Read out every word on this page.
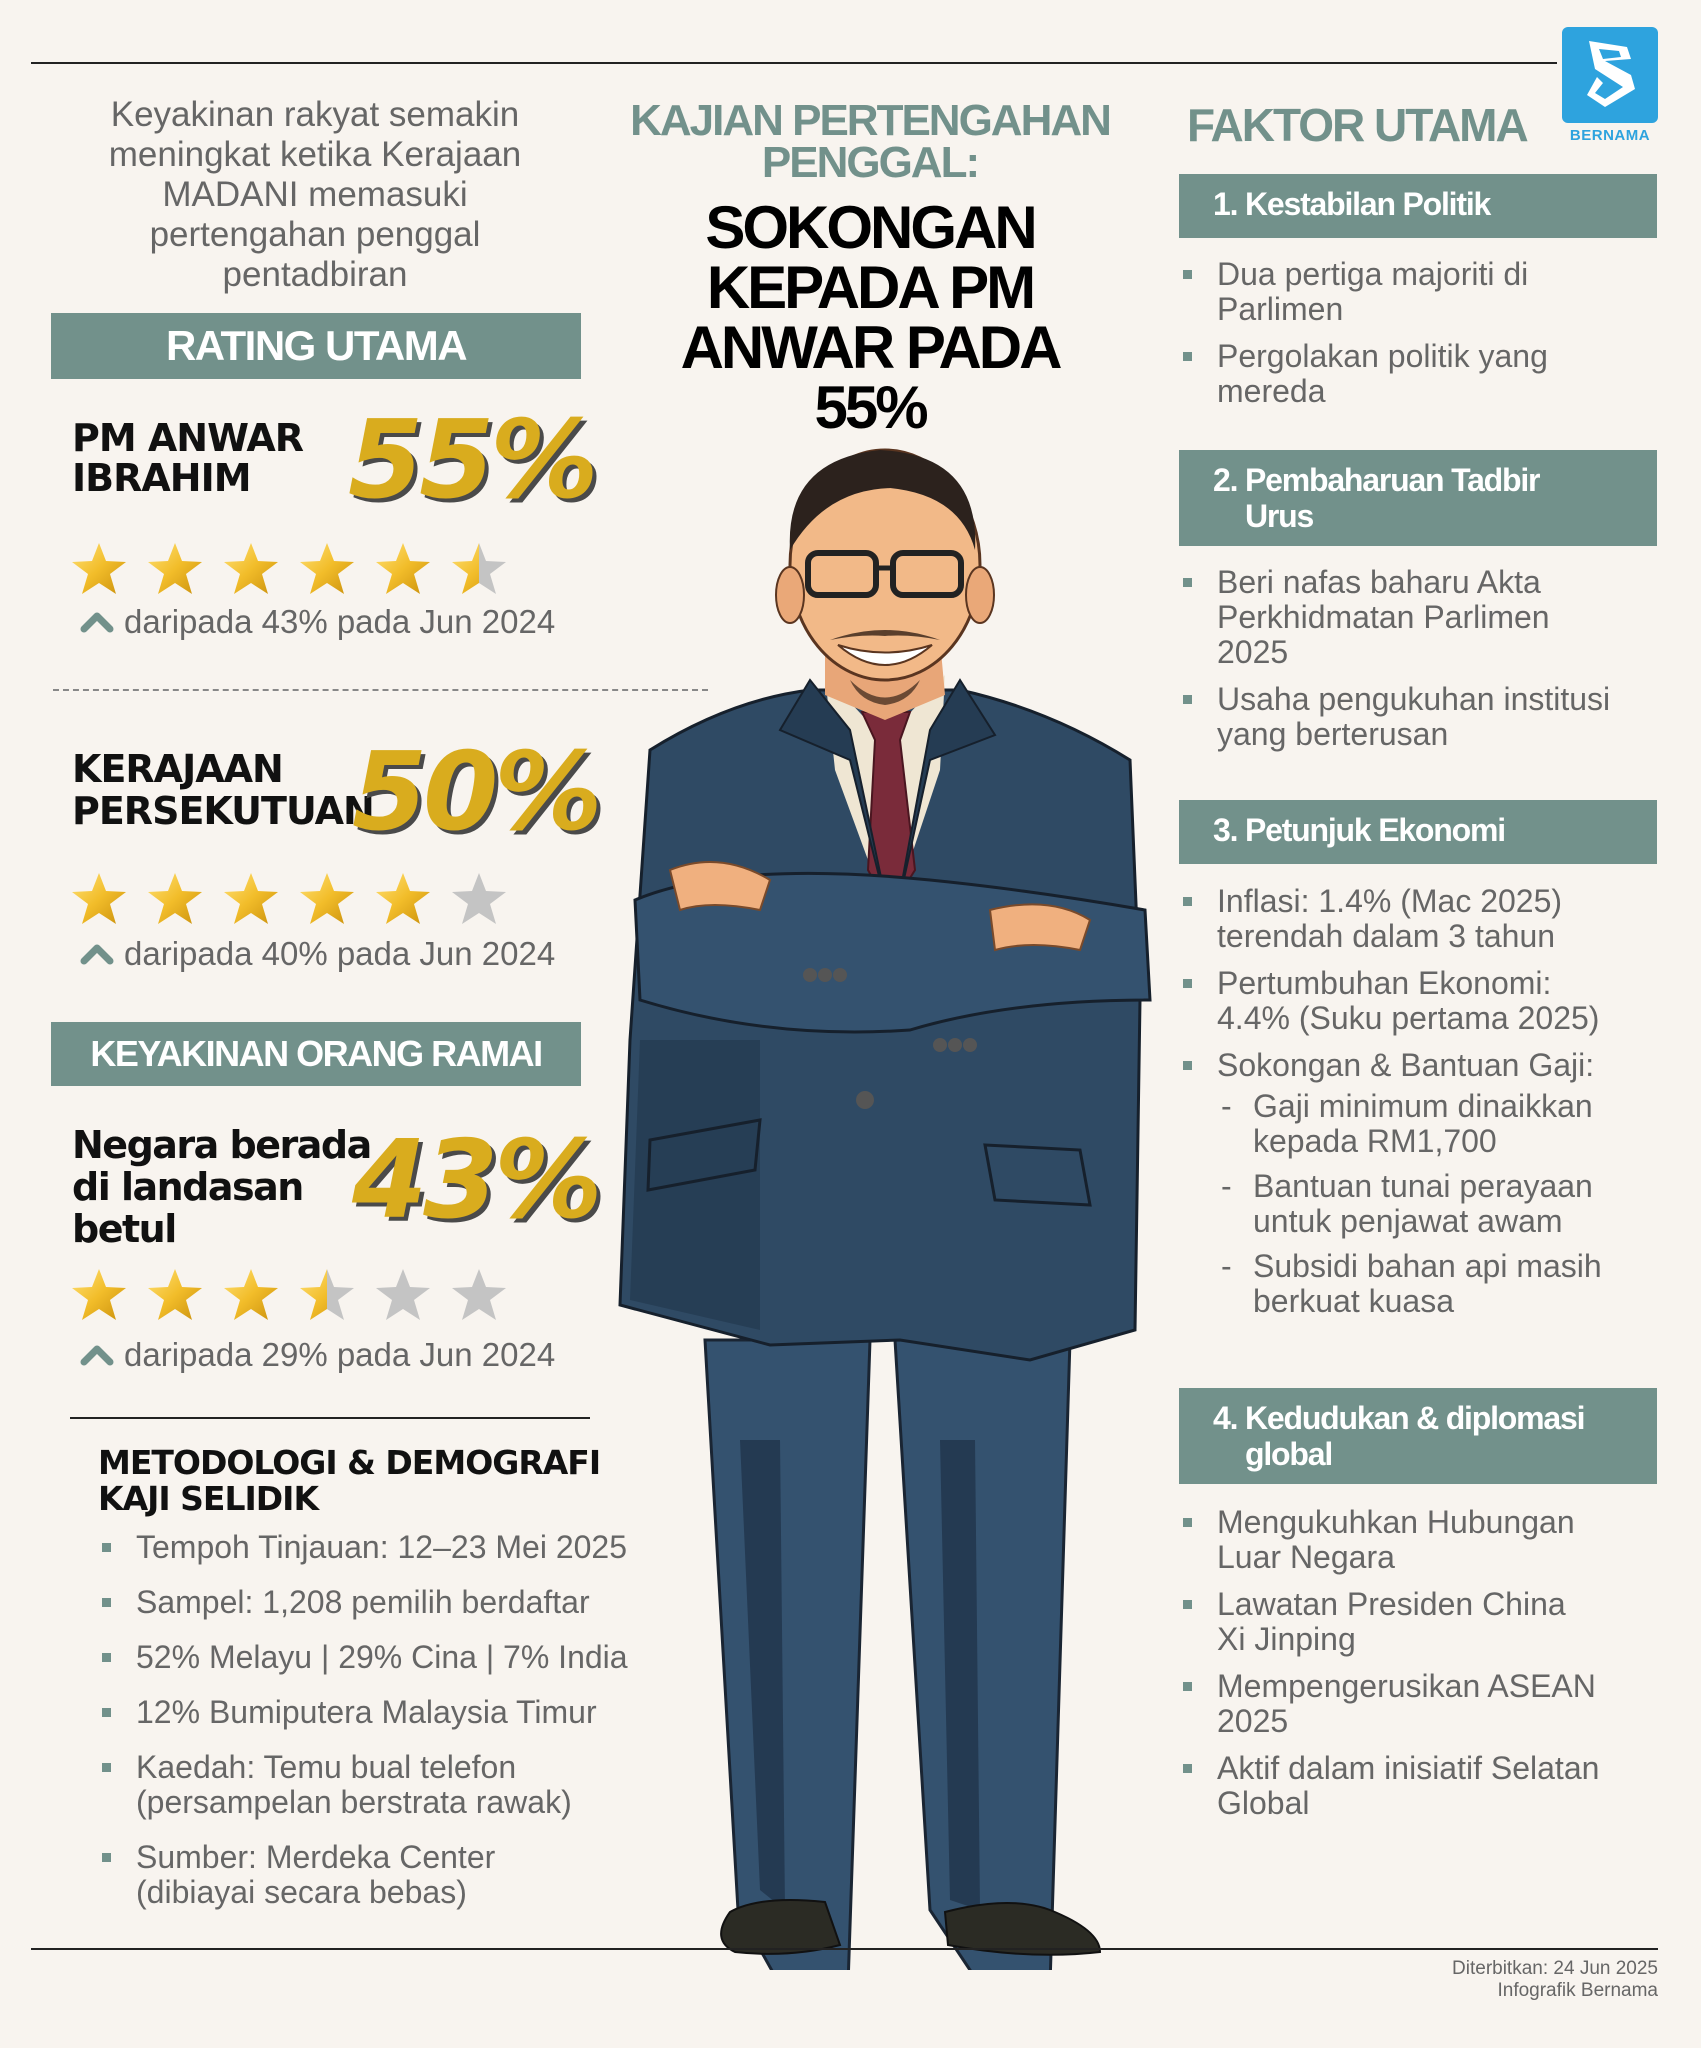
BERNAMA
Keyakinan rakyat semakin
meningkat ketika Kerajaan
MADANI memasuki
pertengahan penggal
pentadbiran
RATING UTAMA
PM ANWAR
IBRAHIM 55%
daripada 43% pada Jun 2024
KERAJAAN
PERSEKUTUAN
50%
daripada 40% pada Jun 2024
KEYAKINAN ORANG RAMAI
Negara berada
di landasan
betul	43%
daripada 29% pada Jun 2024
METODOLOGI & DEMOGRAFI
KAJI SELIDIK
Tempoh Tinjauan: 12–23 Mei 2025
Sampel: 1,208 pemilih berdaftar
52% Melayu | 29% Cina | 7% India
12% Bumiputera Malaysia Timur
Kaedah: Temu bual telefon
(persampelan berstrata rawak)
Sumber: Merdeka Center
(dibiayai secara bebas)
KAJIAN PERTENGAHAN
PENGGAL:
SOKONGAN
KEPADA PM
ANWAR PADA
55%
FAKTOR UTAMA
1. Kestabilan Politik
Dua pertiga majoriti di
Parlimen
Pergolakan politik yang
mereda
2. Pembaharuan Tadbir
Urus
Beri nafas baharu Akta
Perkhidmatan Parlimen
2025
Usaha pengukuhan institusi
yang berterusan
3. Petunjuk Ekonomi
Inflasi: 1.4% (Mac 2025)
terendah dalam 3 tahun
Pertumbuhan Ekonomi:
4.4% (Suku pertama 2025)
Sokongan & Bantuan Gaji:
- Gaji minimum dinaikkan
kepada RM1,700
- Bantuan tunai perayaan
untuk penjawat awam
- Subsidi bahan api masih
berkuat kuasa
4. Kedudukan & diplomasi
global
Mengukuhkan Hubungan
Luar Negara
Lawatan Presiden China
Xi Jinping
Mempengerusikan ASEAN
2025
Aktif dalam inisiatif Selatan
Global
Diterbitkan: 24 Jun 2025
Infografik Bernama
